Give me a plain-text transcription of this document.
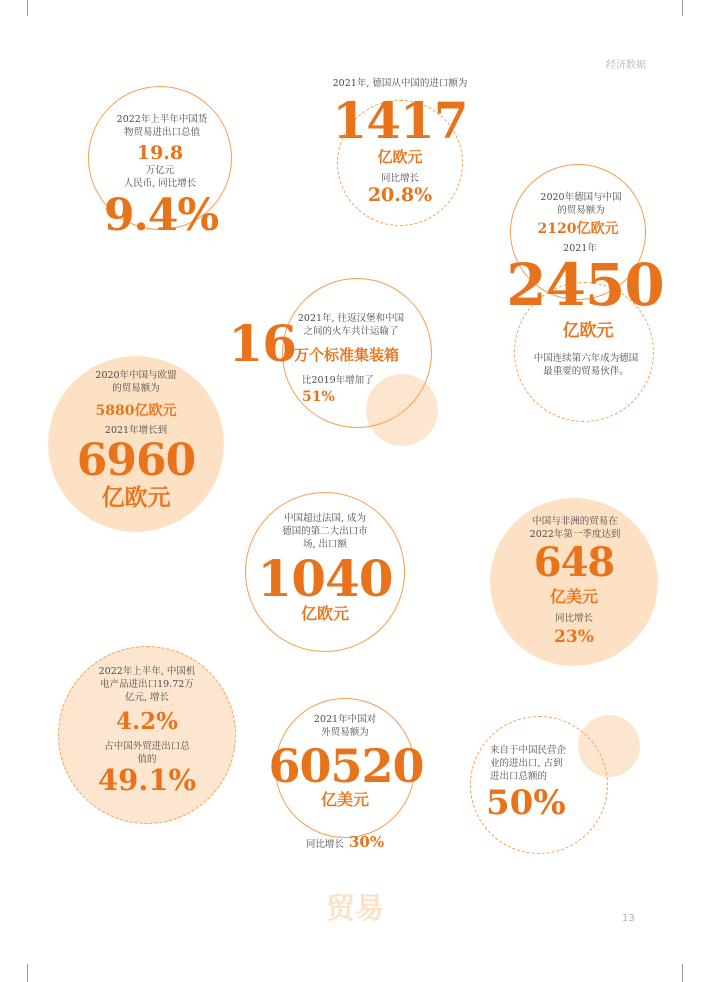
经济数据
2022年上半年中国货物贸易进出口总值
19.8
万亿元
人民币, 同比增长
9.4%
2021年, 德国从中国的进口额为
1417
亿欧元
同比增长
20.8%	2020年德国与中国的贸易额为
2120亿欧元
2021年
2450
亿欧元
中国连续第六年成为德国最重要的贸易伙伴。
2021年, 往返汉堡和中国之间的火车共计运输了
16
万个标准集装箱
比2019年增加了
51%
2020年中国与欧盟的贸易额为
5880亿欧元
2021年增长到
6960
亿欧元
中国超过法国, 成为德国的第二大出口市场, 出口额
1040
亿欧元
中国与非洲的贸易在2022年第一季度达到
648
亿美元
同比增长
23%
2022年上半年, 中国机电产品进出口19.72万亿元, 增长
4.2%
占中国外贸进出口总值的
49.1%
2021年中国对外贸易额为
60520
亿美元
同比增长 30%
来自于中国民营企业的进出口, 占到进出口总额的
50%
贸易	13
